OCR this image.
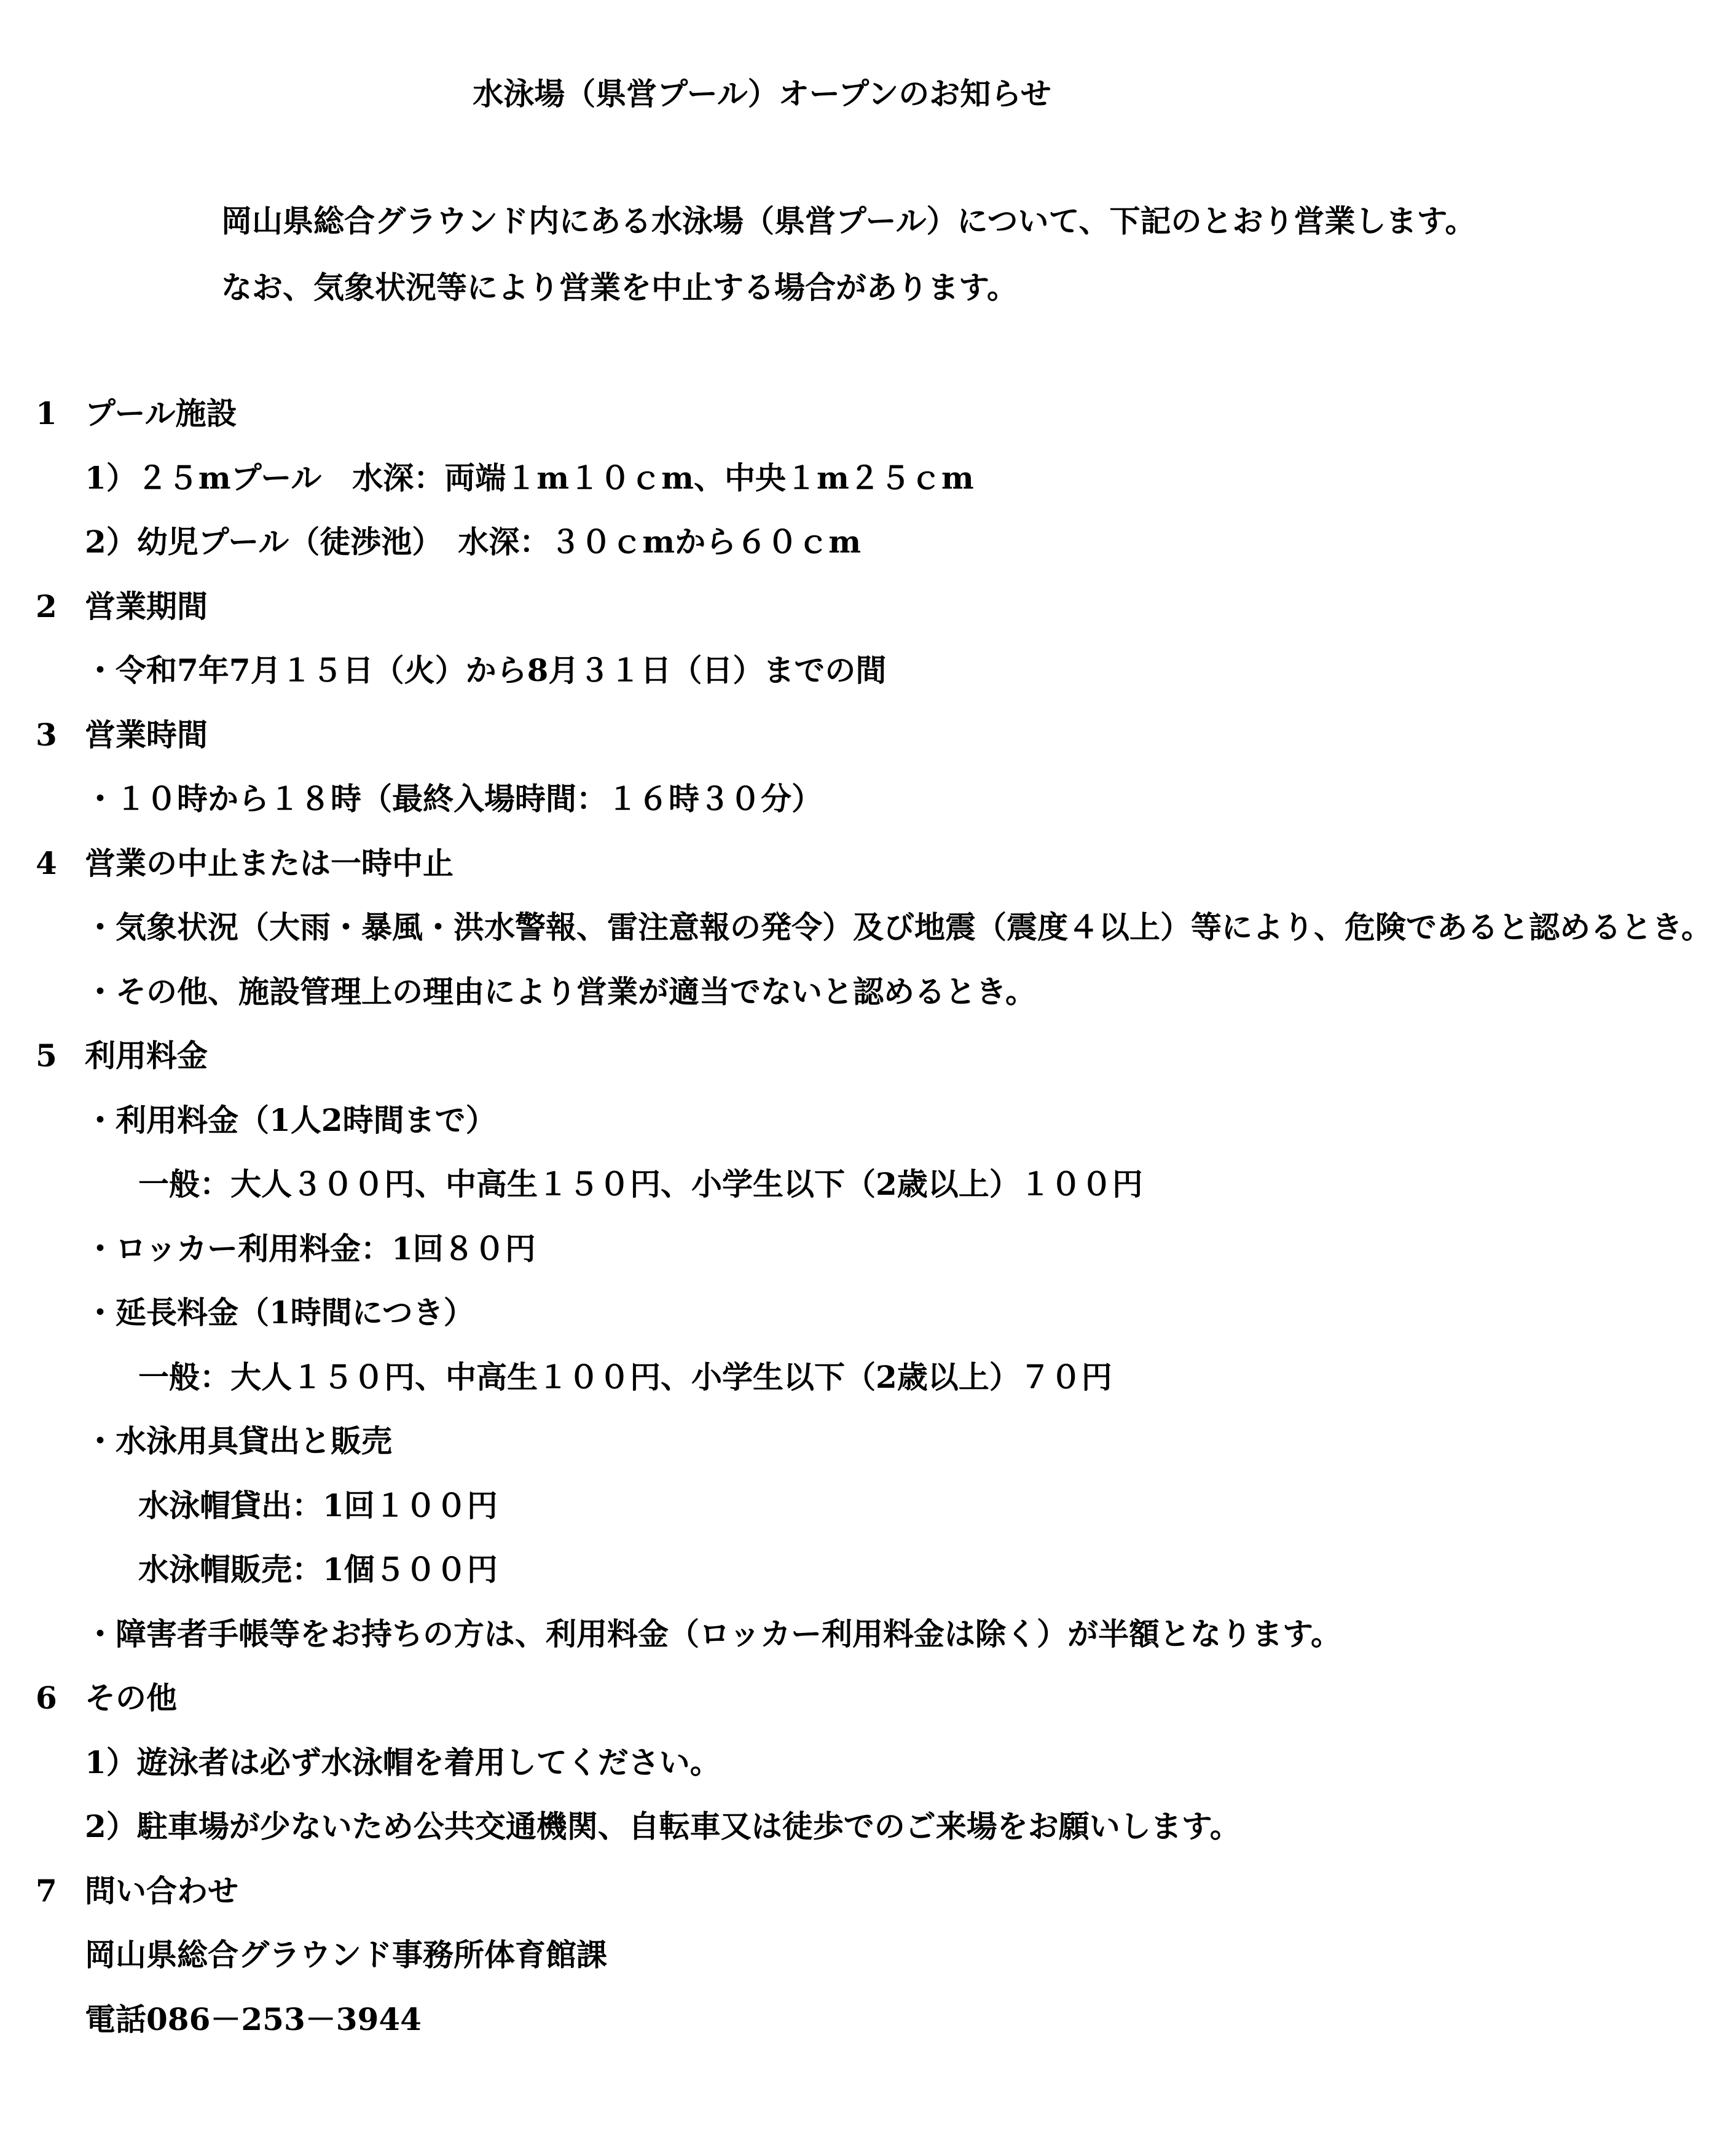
水泳場（県営プール）オープンのお知らせ
岡山県総合グラウンド内にある水泳場（県営プール）について、下記のとおり営業します。
なお、気象状況等により営業を中止する場合があります。
1 プール施設
1）２５mプール　水深：両端１m１０ｃm、中央１m２５ｃm
2）幼児プール（徒渉池）　水深：３０ｃmから６０ｃm
2 営業期間
・令和7年7月１５日（火）から8月３１日（日）までの間
3 営業時間
・１０時から１８時（最終入場時間：１６時３０分）
4 営業の中止または一時中止
・気象状況（大雨・暴風・洪水警報、雷注意報の発令）及び地震（震度４以上）等により、危険であると認めるとき。
・その他、施設管理上の理由により営業が適当でないと認めるとき。
5 利用料金
・利用料金（1人2時間まで）
一般：大人３００円、中高生１５０円、小学生以下（2歳以上）１００円
・ロッカー利用料金：1回８０円
・延長料金（1時間につき）
一般：大人１５０円、中高生１００円、小学生以下（2歳以上）７０円
・水泳用具貸出と販売
水泳帽貸出：1回１００円
水泳帽販売：1個５００円
・障害者手帳等をお持ちの方は、利用料金（ロッカー利用料金は除く）が半額となります。
6 その他
1）遊泳者は必ず水泳帽を着用してください。
2）駐車場が少ないため公共交通機関、自転車又は徒歩でのご来場をお願いします。
7 問い合わせ
岡山県総合グラウンド事務所体育館課
電話086－253－3944
